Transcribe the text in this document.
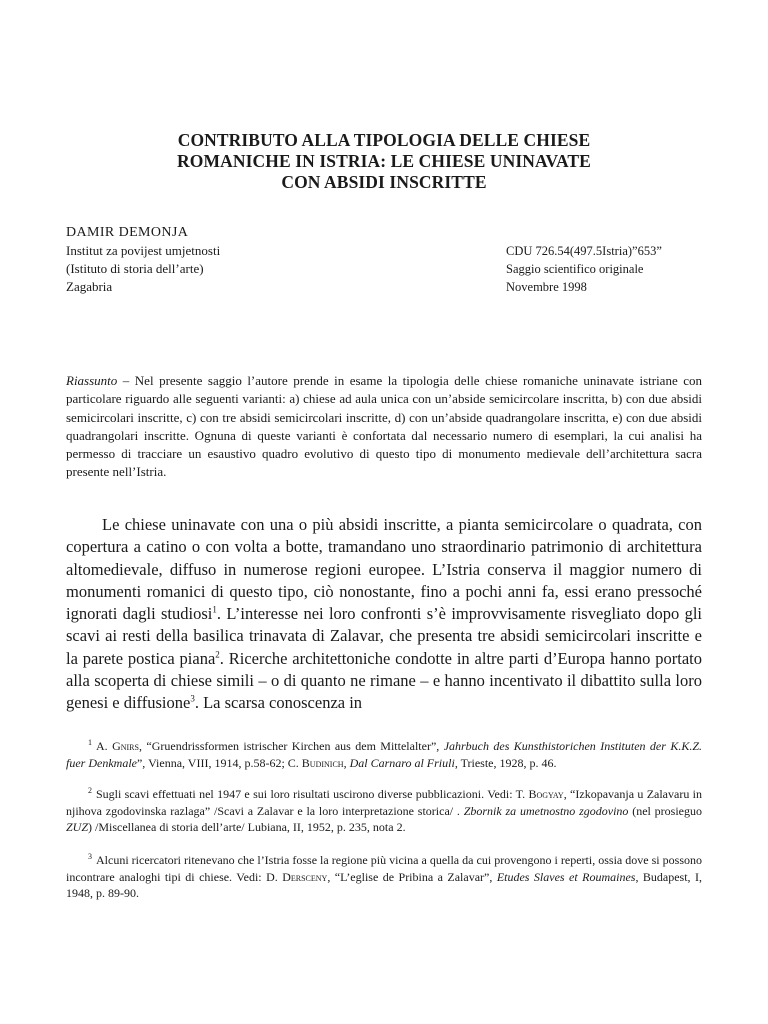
CONTRIBUTO ALLA TIPOLOGIA DELLE CHIESE
ROMANICHE IN ISTRIA: LE CHIESE UNINAVATE
CON ABSIDI INSCRITTE
DAMIR DEMONJA
Institut za povijest umjetnosti
(Istituto di storia dell’arte)
Zagabria
CDU 726.54(497.5Istria)”653”
Saggio scientifico originale
Novembre 1998
Riassunto – Nel presente saggio l’autore prende in esame la tipologia delle chiese romaniche uninavate istriane con particolare riguardo alle seguenti varianti: a) chiese ad aula unica con un’abside semicircolare inscritta, b) con due absidi semicircolari inscritte, c) con tre absidi semicircolari inscritte, d) con un’abside quadrangolare inscritta, e) con due absidi quadrangolari inscritte. Ognuna di queste varianti è confortata dal necessario numero di esemplari, la cui analisi ha permesso di tracciare un esaustivo quadro evolutivo di questo tipo di monumento medievale dell’architettura sacra presente nell’Istria.
Le chiese uninavate con una o più absidi inscritte, a pianta semicircolare o quadrata, con copertura a catino o con volta a botte, tramandano uno straordinario patrimonio di architettura altomedievale, diffuso in numerose regioni europee. L’Istria conserva il maggior numero di monumenti romanici di questo tipo, ciò nonostante, fino a pochi anni fa, essi erano pressoché ignorati dagli studiosi$^1$. L’interesse nei loro confronti s’è improvvisamente risvegliato dopo gli scavi ai resti della basilica trinavata di Zalavar, che presenta tre absidi semicircolari inscritte e la parete postica piana$^2$. Ricerche architettoniche condotte in altre parti d’Europa hanno portato alla scoperta di chiese simili – o di quanto ne rimane – e hanno incentivato il dibattito sulla loro genesi e diffusione$^3$. La scarsa conoscenza in
$^1$ A. Gnirs, “Gruendrissformen istrischer Kirchen aus dem Mittelalter”, Jahrbuch des Kunsthistorichen Instituten der K.K.Z. fuer Denkmale”, Vienna, VIII, 1914, p.58-62; C. Budinich, Dal Carnaro al Friuli, Trieste, 1928, p. 46.
$^2$ Sugli scavi effettuati nel 1947 e sui loro risultati uscirono diverse pubblicazioni. Vedi: T. Bogyay, “Izkopavanja u Zalavaru in njihova zgodovinska razlaga” /Scavi a Zalavar e la loro interpretazione storica/ . Zbornik za umetnostno zgodovino (nel prosieguo ZUZ) /Miscellanea di storia dell’arte/ Lubiana, II, 1952, p. 235, nota 2.
$^3$ Alcuni ricercatori ritenevano che l’Istria fosse la regione più vicina a quella da cui provengono i reperti, ossia dove si possono incontrare analoghi tipi di chiese. Vedi: D. Dersceny, “L’eglise de Pribina a Zalavar”, Etudes Slaves et Roumaines, Budapest, I, 1948, p. 89-90.
